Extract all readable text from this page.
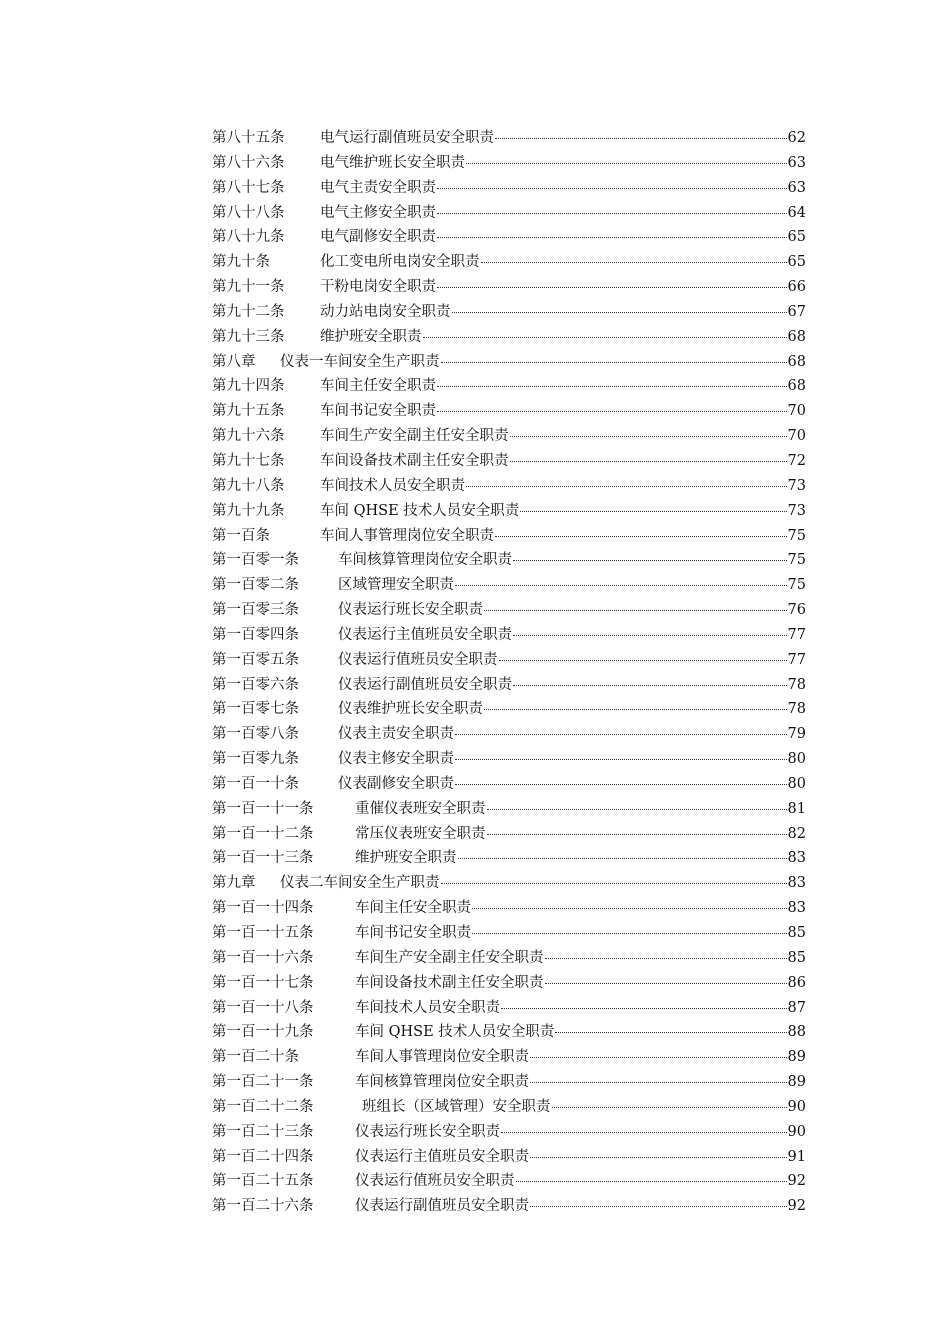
第八十五条	电气运行副值班员安全职责	62
第八十六条	电气维护班长安全职责	63
第八十七条	电气主责安全职责	63
第八十八条	电气主修安全职责	64
第八十九条	电气副修安全职责	65
第九十条	化工变电所电岗安全职责	65
第九十一条	干粉电岗安全职责	66
第九十二条	动力站电岗安全职责	67
第九十三条	维护班安全职责	68
第八章	仪表一车间安全生产职责	68
第九十四条	车间主任安全职责	68
第九十五条	车间书记安全职责	70
第九十六条	车间生产安全副主任安全职责	70
第九十七条	车间设备技术副主任安全职责	72
第九十八条	车间技术人员安全职责	73
第九十九条	车间 QHSE 技术人员安全职责	73
第一百条	车间人事管理岗位安全职责	75
第一百零一条	车间核算管理岗位安全职责	75
第一百零二条	区域管理安全职责	75
第一百零三条	仪表运行班长安全职责	76
第一百零四条	仪表运行主值班员安全职责	77
第一百零五条	仪表运行值班员安全职责	77
第一百零六条	仪表运行副值班员安全职责	78
第一百零七条	仪表维护班长安全职责	78
第一百零八条	仪表主责安全职责	79
第一百零九条	仪表主修安全职责	80
第一百一十条	仪表副修安全职责	80
第一百一十一条	重催仪表班安全职责	81
第一百一十二条	常压仪表班安全职责	82
第一百一十三条	维护班安全职责	83
第九章	仪表二车间安全生产职责	83
第一百一十四条	车间主任安全职责	83
第一百一十五条	车间书记安全职责	85
第一百一十六条	车间生产安全副主任安全职责	85
第一百一十七条	车间设备技术副主任安全职责	86
第一百一十八条	车间技术人员安全职责	87
第一百一十九条	车间 QHSE 技术人员安全职责	88
第一百二十条	车间人事管理岗位安全职责	89
第一百二十一条	车间核算管理岗位安全职责	89
第一百二十二条	班组长（区域管理）安全职责	90
第一百二十三条	仪表运行班长安全职责	90
第一百二十四条	仪表运行主值班员安全职责	91
第一百二十五条	仪表运行值班员安全职责	92
第一百二十六条	仪表运行副值班员安全职责	92
